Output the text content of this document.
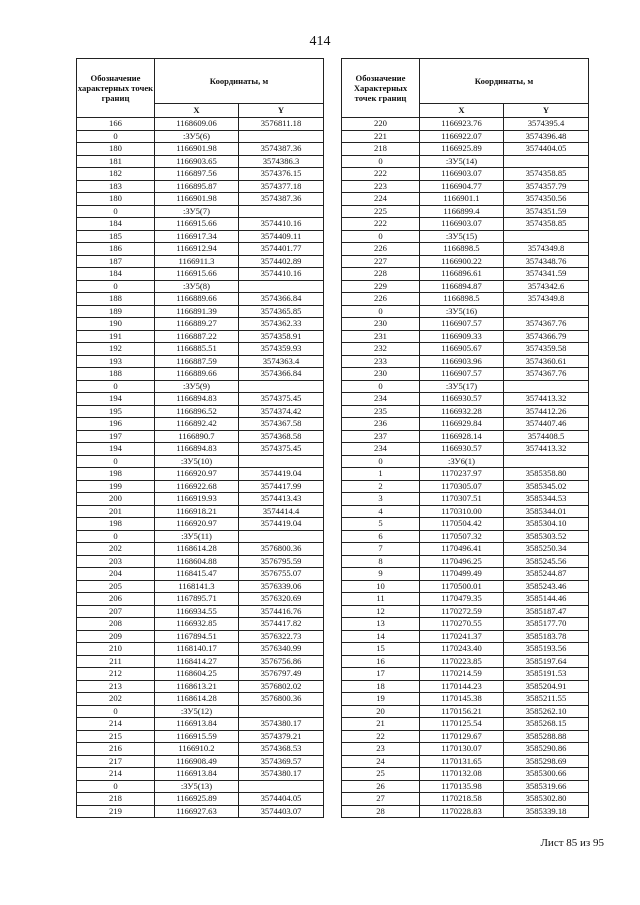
414
Обозначение характерных точек границ	Координаты, м	
	X	Y
166	1168609.06	3576811.18
0	:ЗУ5(6)	
180	1166901.98	3574387.36
181	1166903.65	3574386.3
182	1166897.56	3574376.15
183	1166895.87	3574377.18
180	1166901.98	3574387.36
0	:ЗУ5(7)	
184	1166915.66	3574410.16
185	1166917.34	3574409.11
186	1166912.94	3574401.77
187	1166911.3	3574402.89
184	1166915.66	3574410.16
0	:ЗУ5(8)	
188	1166889.66	3574366.84
189	1166891.39	3574365.85
190	1166889.27	3574362.33
191	1166887.22	3574358.91
192	1166885.51	3574359.93
193	1166887.59	3574363.4
188	1166889.66	3574366.84
0	:ЗУ5(9)	
194	1166894.83	3574375.45
195	1166896.52	3574374.42
196	1166892.42	3574367.58
197	1166890.7	3574368.58
194	1166894.83	3574375.45
0	:ЗУ5(10)	
198	1166920.97	3574419.04
199	1166922.68	3574417.99
200	1166919.93	3574413.43
201	1166918.21	3574414.4
198	1166920.97	3574419.04
0	:ЗУ5(11)	
202	1168614.28	3576800.36
203	1168604.88	3576795.59
204	1168415.47	3576755.07
205	1168141.3	3576339.06
206	1167895.71	3576320.69
207	1166934.55	3574416.76
208	1166932.85	3574417.82
209	1167894.51	3576322.73
210	1168140.17	3576340.99
211	1168414.27	3576756.86
212	1168604.25	3576797.49
213	1168613.21	3576802.02
202	1168614.28	3576800.36
0	:ЗУ5(12)	
214	1166913.84	3574380.17
215	1166915.59	3574379.21
216	1166910.2	3574368.53
217	1166908.49	3574369.57
214	1166913.84	3574380.17
0	:ЗУ5(13)	
218	1166925.89	3574404.05
219	1166927.63	3574403.07
Обозначение Характерных точек границ	Координаты, м	
	X	Y
220	1166923.76	3574395.4
221	1166922.07	3574396.48
218	1166925.89	3574404.05
0	:ЗУ5(14)	
222	1166903.07	3574358.85
223	1166904.77	3574357.79
224	1166901.1	3574350.56
225	1166899.4	3574351.59
222	1166903.07	3574358.85
0	:ЗУ5(15)	
226	1166898.5	3574349.8
227	1166900.22	3574348.76
228	1166896.61	3574341.59
229	1166894.87	3574342.6
226	1166898.5	3574349.8
0	:ЗУ5(16)	
230	1166907.57	3574367.76
231	1166909.33	3574366.79
232	1166905.67	3574359.58
233	1166903.96	3574360.61
230	1166907.57	3574367.76
0	:ЗУ5(17)	
234	1166930.57	3574413.32
235	1166932.28	3574412.26
236	1166929.84	3574407.46
237	1166928.14	3574408.5
234	1166930.57	3574413.32
0	:ЗУ6(1)	
1	1170237.97	3585358.80
2	1170305.07	3585345.02
3	1170307.51	3585344.53
4	1170310.00	3585344.01
5	1170504.42	3585304.10
6	1170507.32	3585303.52
7	1170496.41	3585250.34
8	1170496.25	3585245.56
9	1170499.49	3585244.87
10	1170500.01	3585243.46
11	1170479.35	3585144.46
12	1170272.59	3585187.47
13	1170270.55	3585177.70
14	1170241.37	3585183.78
15	1170243.40	3585193.56
16	1170223.85	3585197.64
17	1170214.59	3585191.53
18	1170144.23	3585204.91
19	1170145.38	3585211.55
20	1170156.21	3585262.10
21	1170125.54	3585268.15
22	1170129.67	3585288.88
23	1170130.07	3585290.86
24	1170131.65	3585298.69
25	1170132.08	3585300.66
26	1170135.98	3585319.66
27	1170218.58	3585302.80
28	1170228.83	3585339.18
Лист 85 из 95
